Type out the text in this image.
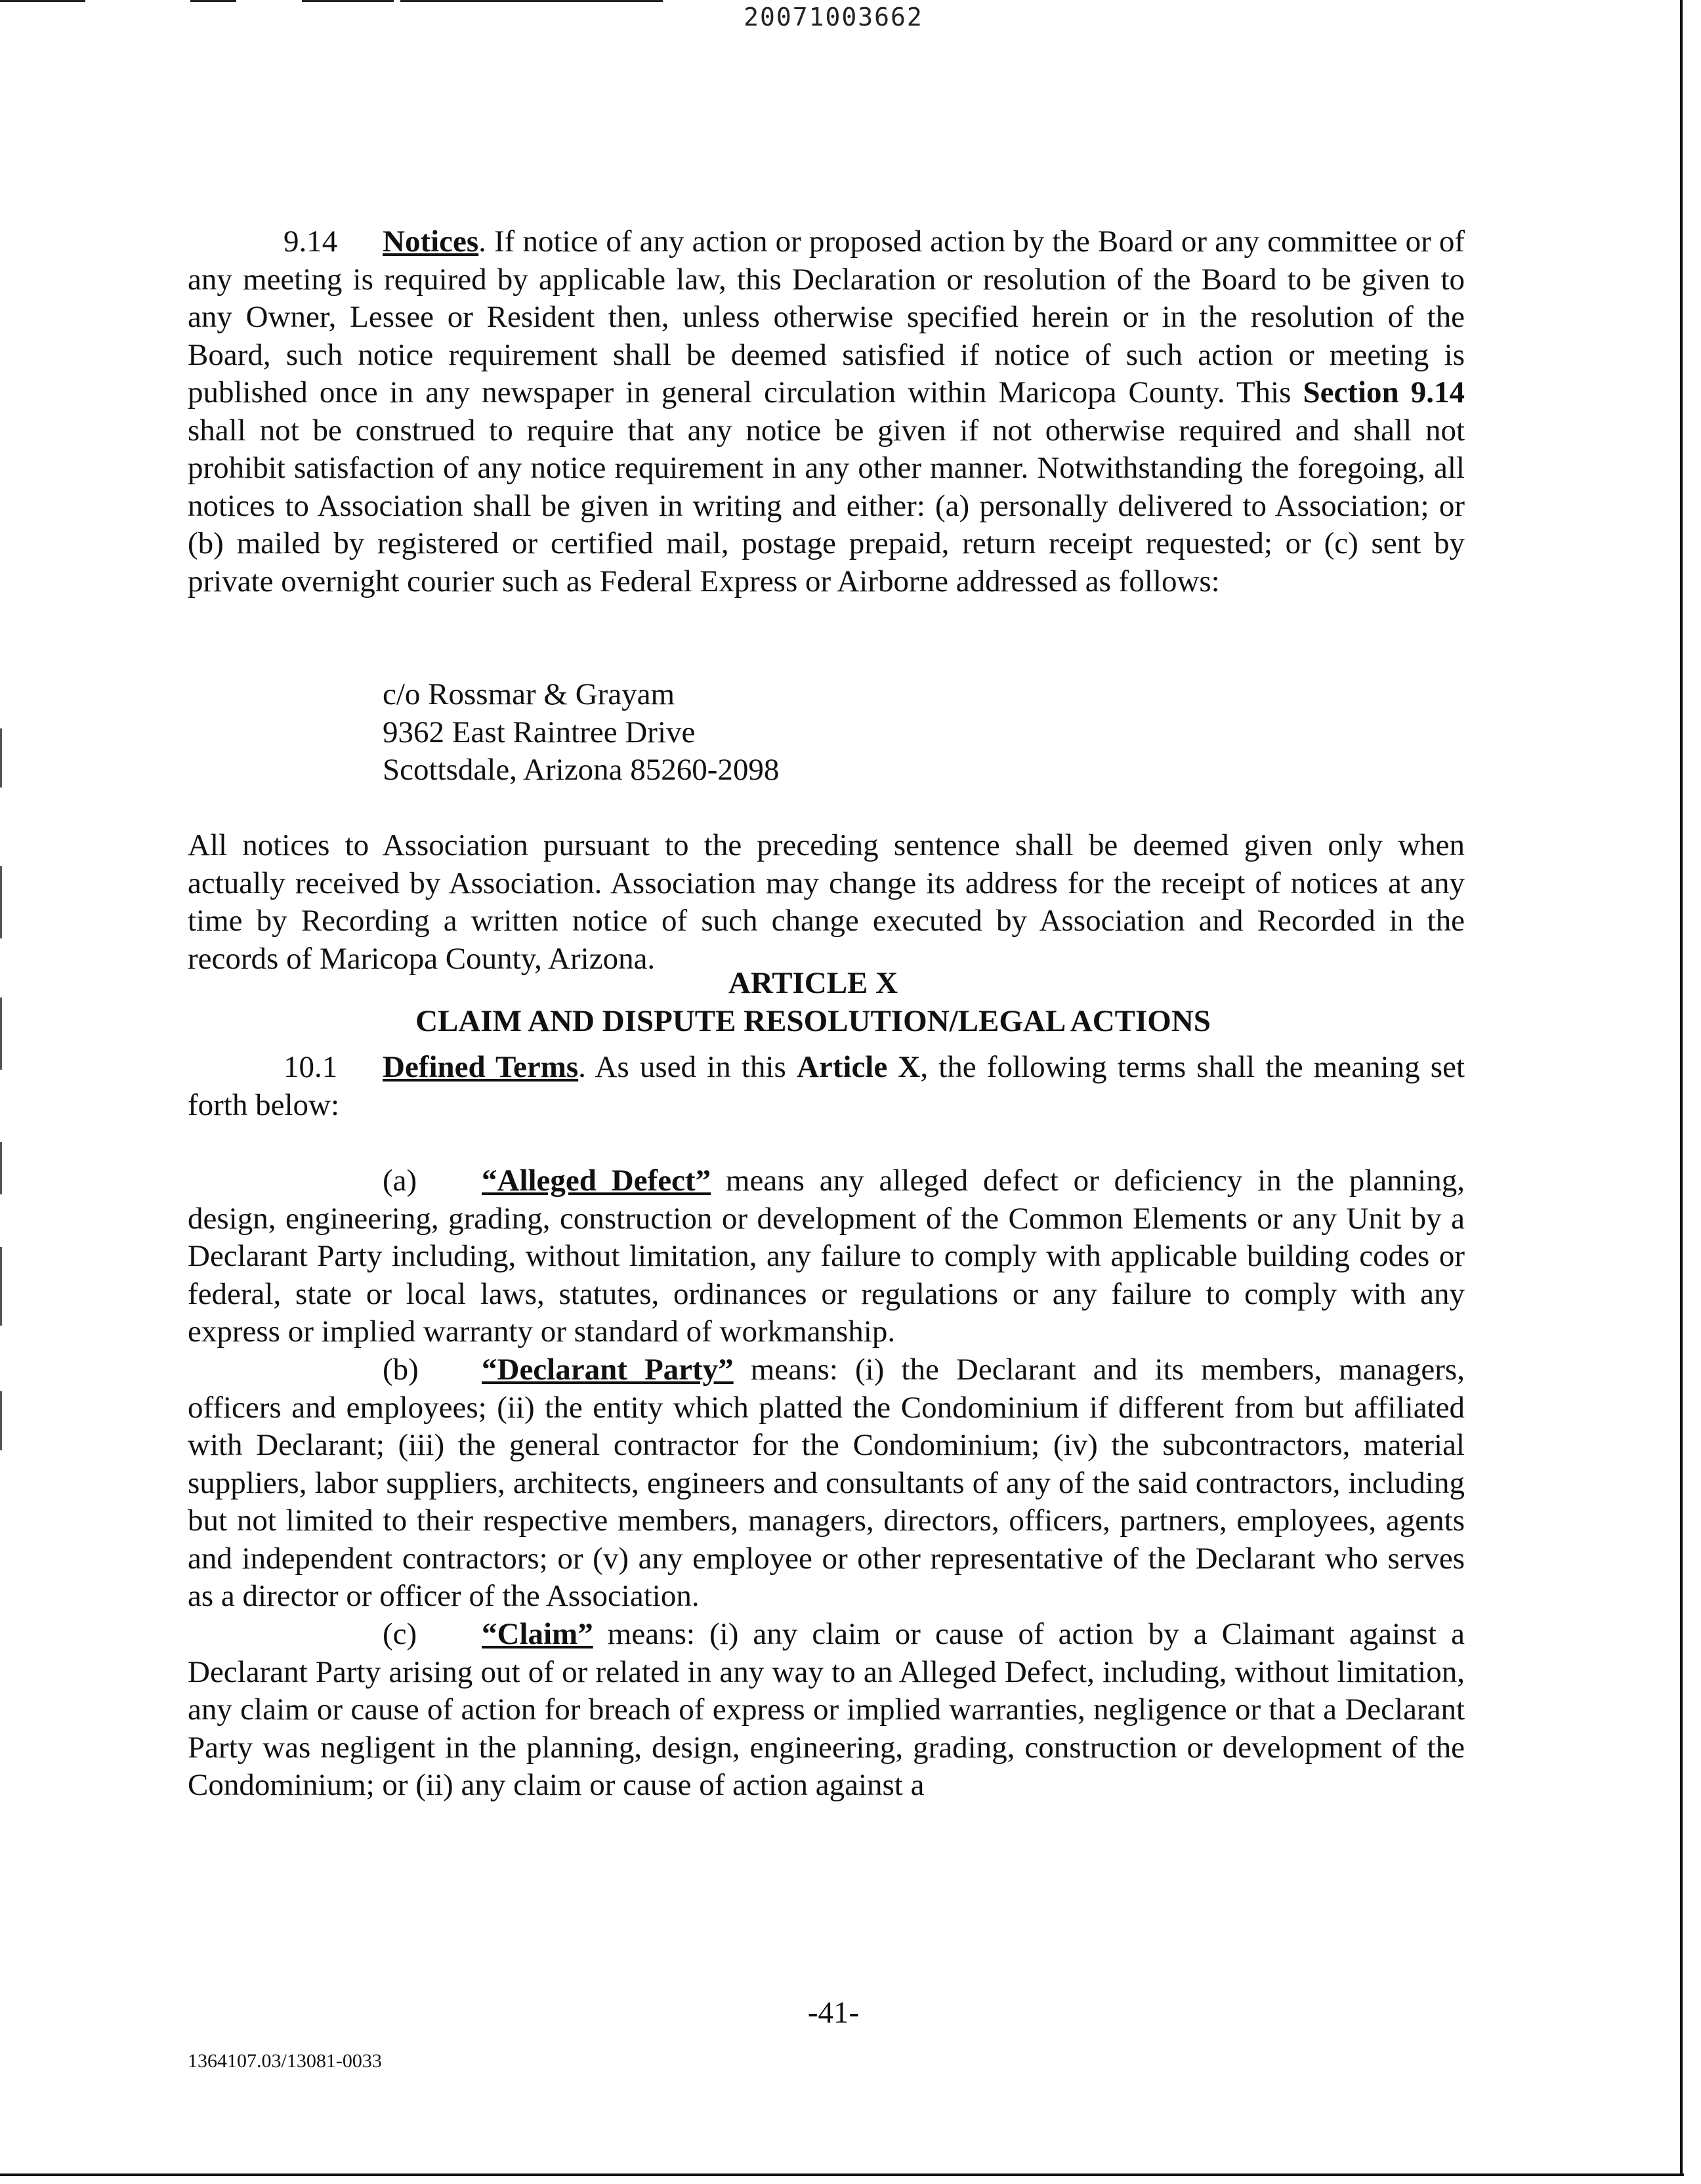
20071003662

9.14 Notices. If notice of any action or proposed action by the Board or any committee or of any meeting is required by applicable law, this Declaration or resolution of the Board to be given to any Owner, Lessee or Resident then, unless otherwise specified herein or in the resolution of the Board, such notice requirement shall be deemed satisfied if notice of such action or meeting is published once in any newspaper in general circulation within Maricopa County. This Section 9.14 shall not be construed to require that any notice be given if not otherwise required and shall not prohibit satisfaction of any notice requirement in any other manner. Notwithstanding the foregoing, all notices to Association shall be given in writing and either: (a) personally delivered to Association; or (b) mailed by registered or certified mail, postage prepaid, return receipt requested; or (c) sent by private overnight courier such as Federal Express or Airborne addressed as follows:

c/o Rossmar & Grayam
9362 East Raintree Drive
Scottsdale, Arizona 85260-2098

All notices to Association pursuant to the preceding sentence shall be deemed given only when actually received by Association. Association may change its address for the receipt of notices at any time by Recording a written notice of such change executed by Association and Recorded in the records of Maricopa County, Arizona.

ARTICLE X
CLAIM AND DISPUTE RESOLUTION/LEGAL ACTIONS

10.1 Defined Terms. As used in this Article X, the following terms shall the meaning set forth below:

(a) “Alleged Defect” means any alleged defect or deficiency in the planning, design, engineering, grading, construction or development of the Common Elements or any Unit by a Declarant Party including, without limitation, any failure to comply with applicable building codes or federal, state or local laws, statutes, ordinances or regulations or any failure to comply with any express or implied warranty or standard of workmanship.

(b) “Declarant Party” means: (i) the Declarant and its members, managers, officers and employees; (ii) the entity which platted the Condominium if different from but affiliated with Declarant; (iii) the general contractor for the Condominium; (iv) the subcontractors, material suppliers, labor suppliers, architects, engineers and consultants of any of the said contractors, including but not limited to their respective members, managers, directors, officers, partners, employees, agents and independent contractors; or (v) any employee or other representative of the Declarant who serves as a director or officer of the Association.

(c) “Claim” means: (i) any claim or cause of action by a Claimant against a Declarant Party arising out of or related in any way to an Alleged Defect, including, without limitation, any claim or cause of action for breach of express or implied warranties, negligence or that a Declarant Party was negligent in the planning, design, engineering, grading, construction or development of the Condominium; or (ii) any claim or cause of action against a

-41-
1364107.03/13081-0033
